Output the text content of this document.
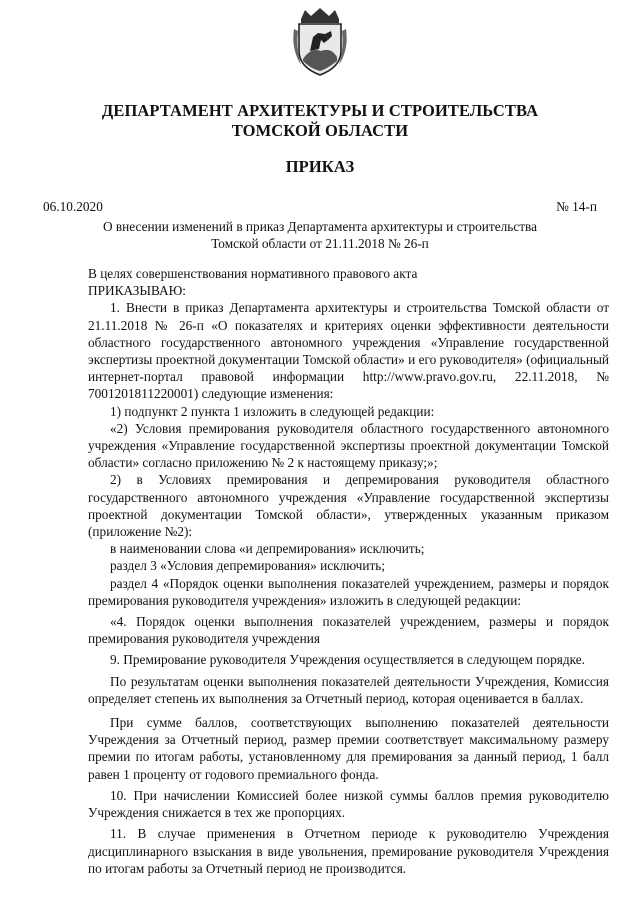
ДЕПАРТАМЕНТ АРХИТЕКТУРЫ И СТРОИТЕЛЬСТВА
ТОМСКОЙ ОБЛАСТИ
ПРИКАЗ
06.10.2020	№ 14-п
О внесении изменений в приказ Департамента архитектуры и строительства
Томской области от 21.11.2018 № 26-п

В целях совершенствования нормативного правового акта

ПРИКАЗЫВАЮ:

1. Внести в приказ Департамента архитектуры и строительства Томской области от 21.11.2018 № 26-п «О показателях и критериях оценки эффективности деятельности областного государственного автономного учреждения «Управление государственной экспертизы проектной документации Томской области» и его руководителя» (официальный интернет-портал правовой информации http://www.pravo.gov.ru, 22.11.2018, № 7001201811220001) следующие изменения:

1) подпункт 2 пункта 1 изложить в следующей редакции:

«2) Условия премирования руководителя областного государственного автономного учреждения «Управление государственной экспертизы проектной документации Томской области» согласно приложению № 2 к настоящему приказу;»;

2) в Условиях премирования и депремирования руководителя областного государственного автономного учреждения «Управление государственной экспертизы проектной документации Томской области», утвержденных указанным приказом (приложение №2):

в наименовании слова «и депремирования» исключить;

раздел 3 «Условия депремирования» исключить;

раздел 4 «Порядок оценки выполнения показателей учреждением, размеры и порядок премирования руководителя учреждения» изложить в следующей редакции:

«4. Порядок оценки выполнения показателей учреждением, размеры и порядок премирования руководителя учреждения

9. Премирование руководителя Учреждения осуществляется в следующем порядке.

По результатам оценки выполнения показателей деятельности Учреждения, Комиссия определяет степень их выполнения за Отчетный период, которая оценивается в баллах.

При сумме баллов, соответствующих выполнению показателей деятельности Учреждения за Отчетный период, размер премии соответствует максимальному размеру премии по итогам работы, установленному для премирования за данный период, 1 балл равен 1 проценту от годового премиального фонда.

10. При начислении Комиссией более низкой суммы баллов премия руководителю Учреждения снижается в тех же пропорциях.

11. В случае применения в Отчетном периоде к руководителю Учреждения дисциплинарного взыскания в виде увольнения, премирование руководителя Учреждения по итогам работы за Отчетный период не производится.
